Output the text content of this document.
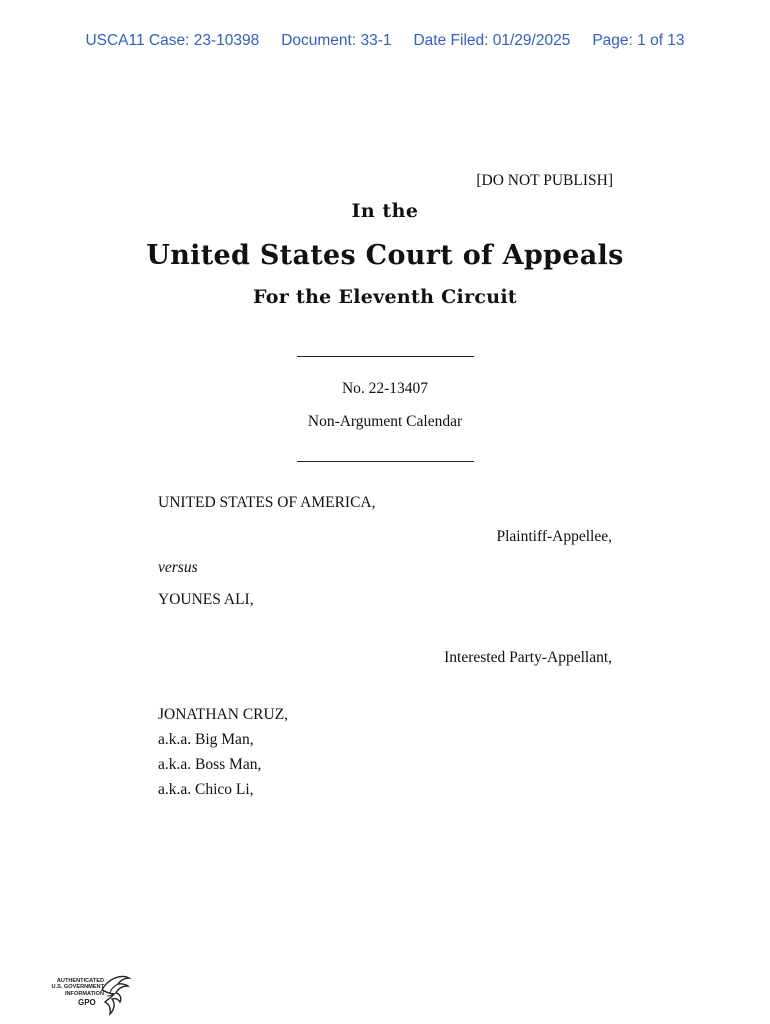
USCA11 Case: 23-10398 Document: 33-1 Date Filed: 01/29/2025 Page: 1 of 13
[DO NOT PUBLISH]
In the
United States Court of Appeals
For the Eleventh Circuit
No. 22-13407
Non-Argument Calendar
UNITED STATES OF AMERICA,
Plaintiff-Appellee,
versus
YOUNES ALI,
Interested Party-Appellant,
JONATHAN CRUZ,
a.k.a. Big Man,
a.k.a. Boss Man,
a.k.a. Chico Li,
AUTHENTICATED
U.S. GOVERNMENT
INFORMATION
GPO
